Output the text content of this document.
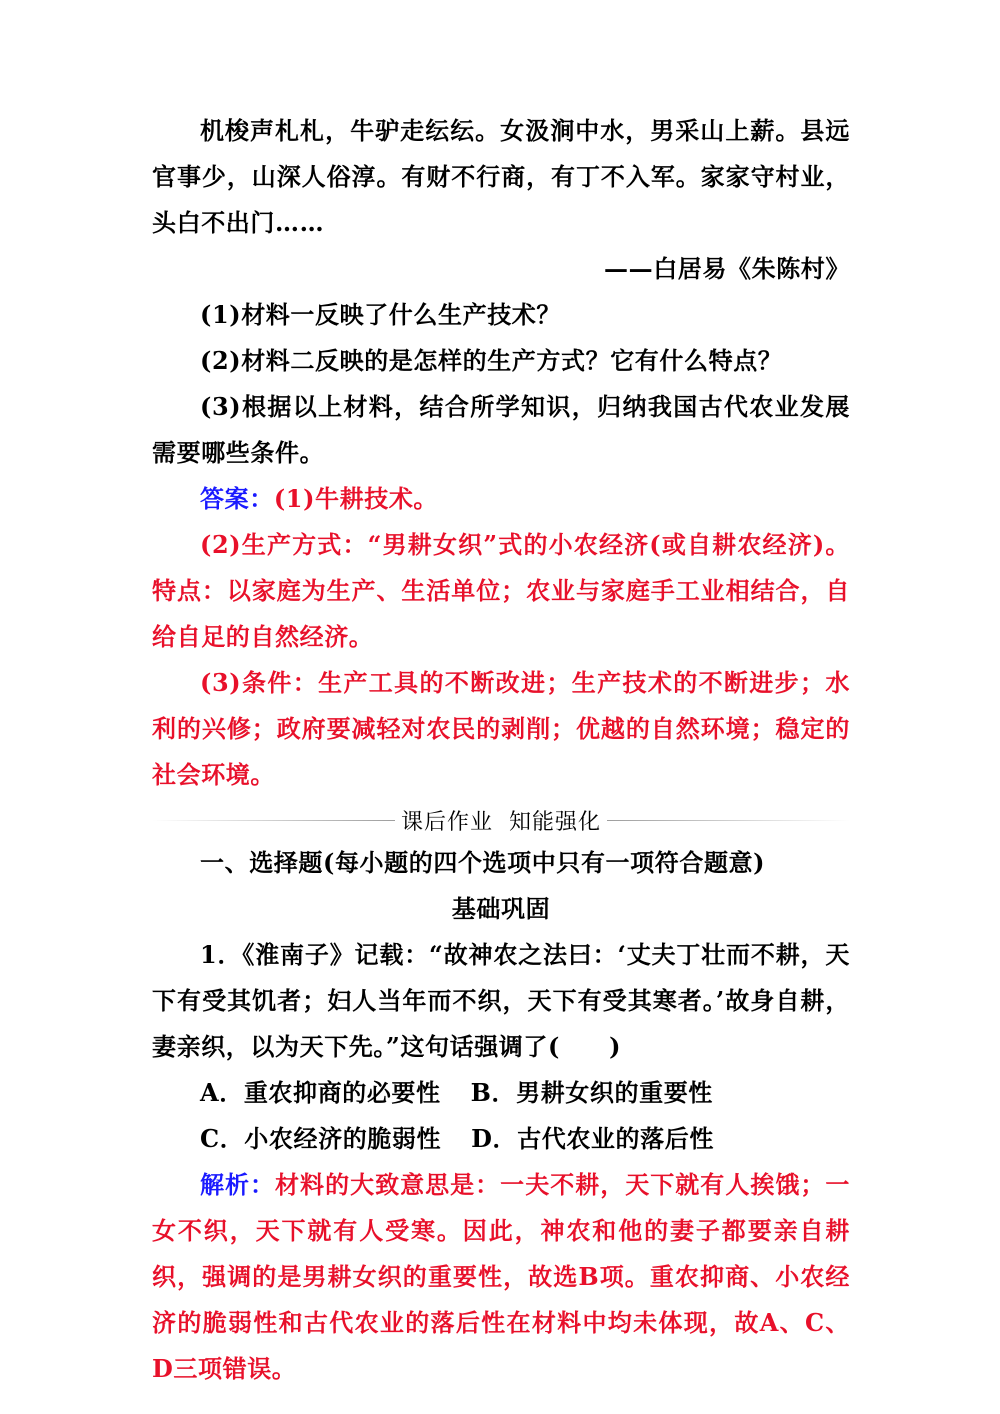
机梭声札札，牛驴走纭纭。女汲涧中水，男采山上薪。县远官事少，山深人俗淳。有财不行商，有丁不入军。家家守村业，头白不出门……

——白居易《朱陈村》

(1)材料一反映了什么生产技术？

(2)材料二反映的是怎样的生产方式？它有什么特点？

(3)根据以上材料，结合所学知识，归纳我国古代农业发展需要哪些条件。

答案：(1)牛耕技术。

(2)生产方式：“男耕女织”式的小农经济(或自耕农经济)。特点：以家庭为生产、生活单位；农业与家庭手工业相结合，自给自足的自然经济。

(3)条件：生产工具的不断改进；生产技术的不断进步；水利的兴修；政府要减轻对农民的剥削；优越的自然环境；稳定的社会环境。

课后作业  知能强化

一、选择题(每小题的四个选项中只有一项符合题意)

基础巩固

1．《淮南子》记载：“故神农之法曰：‘丈夫丁壮而不耕，天下有受其饥者；妇人当年而不织，天下有受其寒者。’故身自耕，妻亲织，以为天下先。”这句话强调了(　　)

A．重农抑商的必要性 B．男耕女织的重要性
C．小农经济的脆弱性 D．古代农业的落后性

解析：材料的大致意思是：一夫不耕，天下就有人挨饿；一女不织，天下就有人受寒。因此，神农和他的妻子都要亲自耕织，强调的是男耕女织的重要性，故选B项。重农抑商、小农经济的脆弱性和古代农业的落后性在材料中均未体现，故A、C、D三项错误。
